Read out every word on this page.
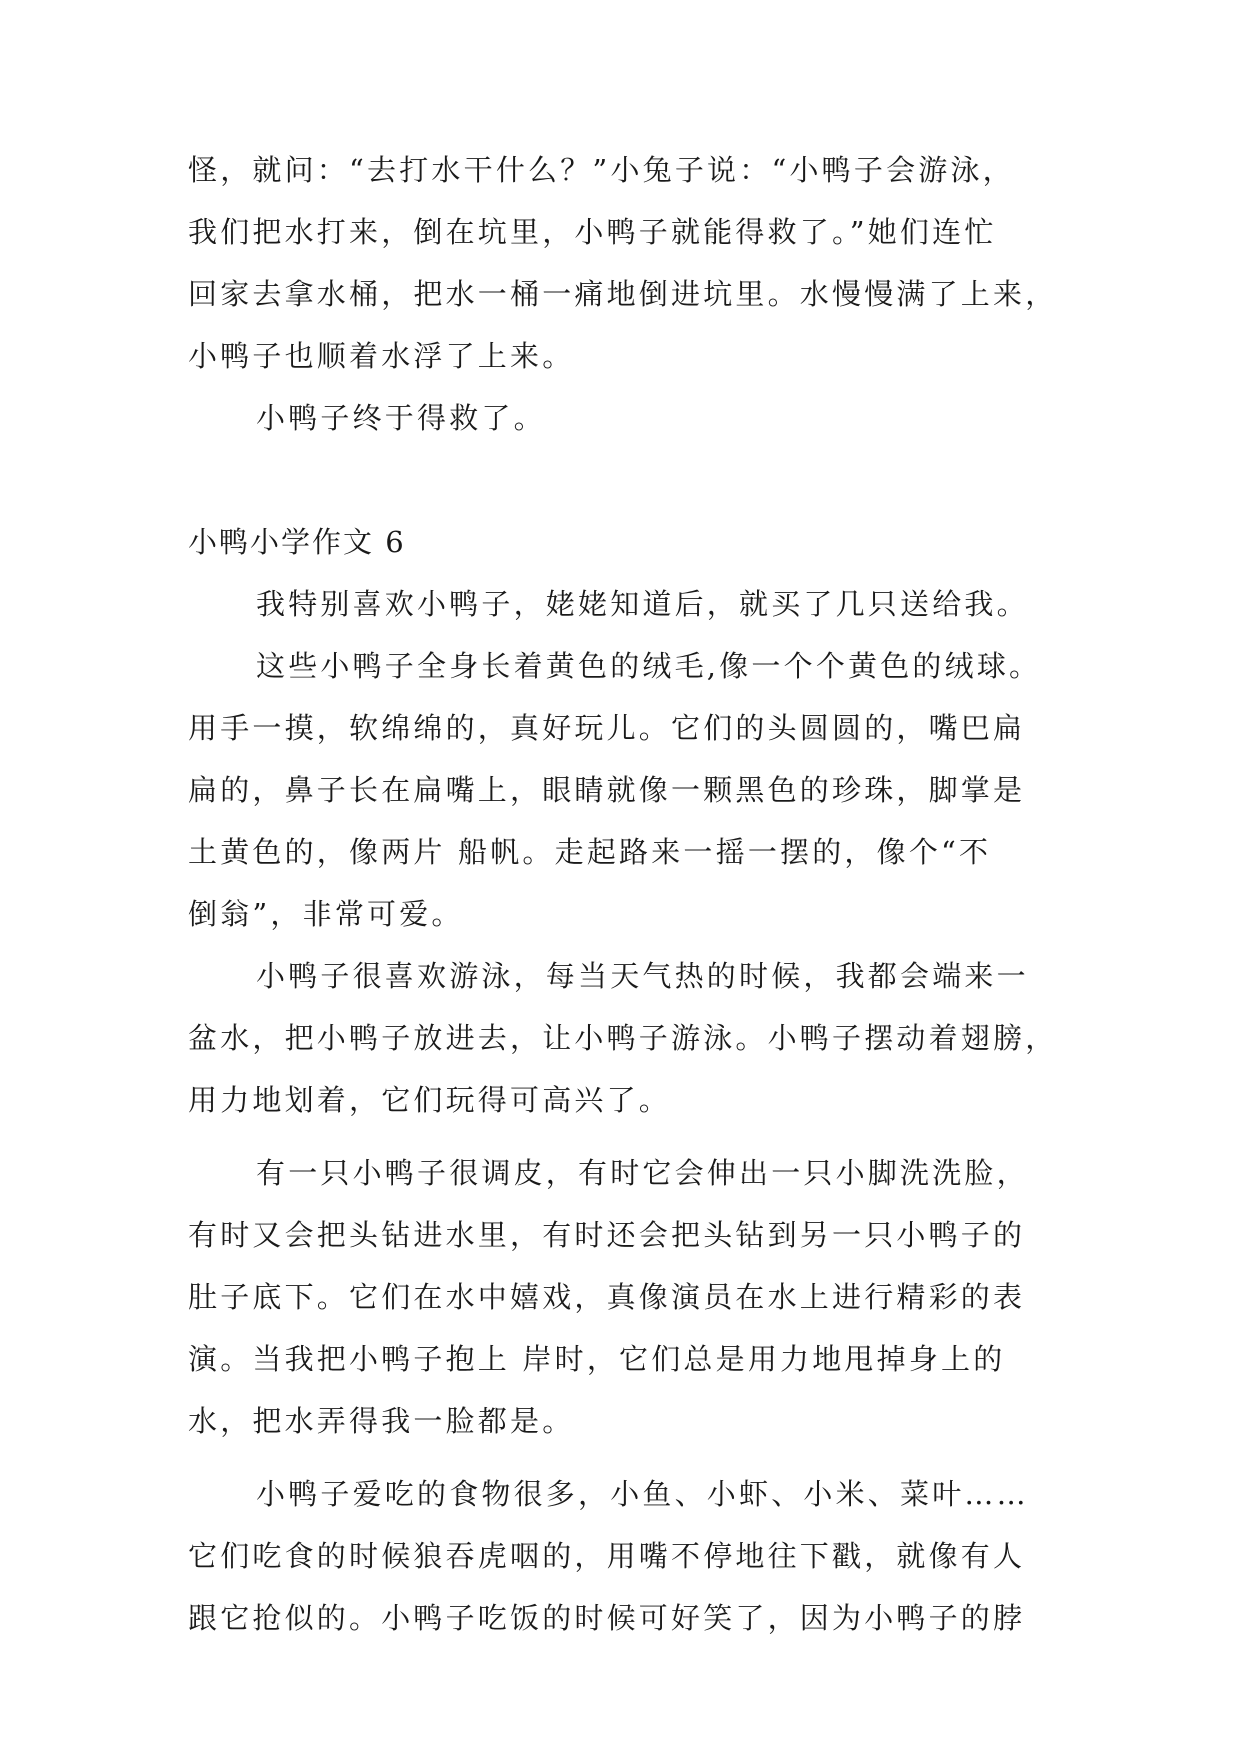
怪，就问：“去打水干什么？”小兔子说：“小鸭子会游泳，
我们把水打来，倒在坑里，小鸭子就能得救了。”她们连忙
回家去拿水桶，把水一桶一痛地倒进坑里。水慢慢满了上来，
小鸭子也顺着水浮了上来。
小鸭子终于得救了。
小鸭小学作文 6
我特别喜欢小鸭子，姥姥知道后，就买了几只送给我。
这些小鸭子全身长着黄色的绒毛,像一个个黄色的绒球。
用手一摸，软绵绵的，真好玩儿。它们的头圆圆的，嘴巴扁
扁的，鼻子长在扁嘴上，眼睛就像一颗黑色的珍珠，脚掌是
土黄色的，像两片 船帆。走起路来一摇一摆的，像个“不
倒翁”，非常可爱。
小鸭子很喜欢游泳，每当天气热的时候，我都会端来一
盆水，把小鸭子放进去，让小鸭子游泳。小鸭子摆动着翅膀，
用力地划着，它们玩得可高兴了。
有一只小鸭子很调皮，有时它会伸出一只小脚洗洗脸，
有时又会把头钻进水里，有时还会把头钻到另一只小鸭子的
肚子底下。它们在水中嬉戏，真像演员在水上进行精彩的表
演。当我把小鸭子抱上 岸时，它们总是用力地甩掉身上的
水，把水弄得我一脸都是。
小鸭子爱吃的食物很多，小鱼、小虾、小米、菜叶……
它们吃食的时候狼吞虎咽的，用嘴不停地往下戳，就像有人
跟它抢似的。小鸭子吃饭的时候可好笑了，因为小鸭子的脖
